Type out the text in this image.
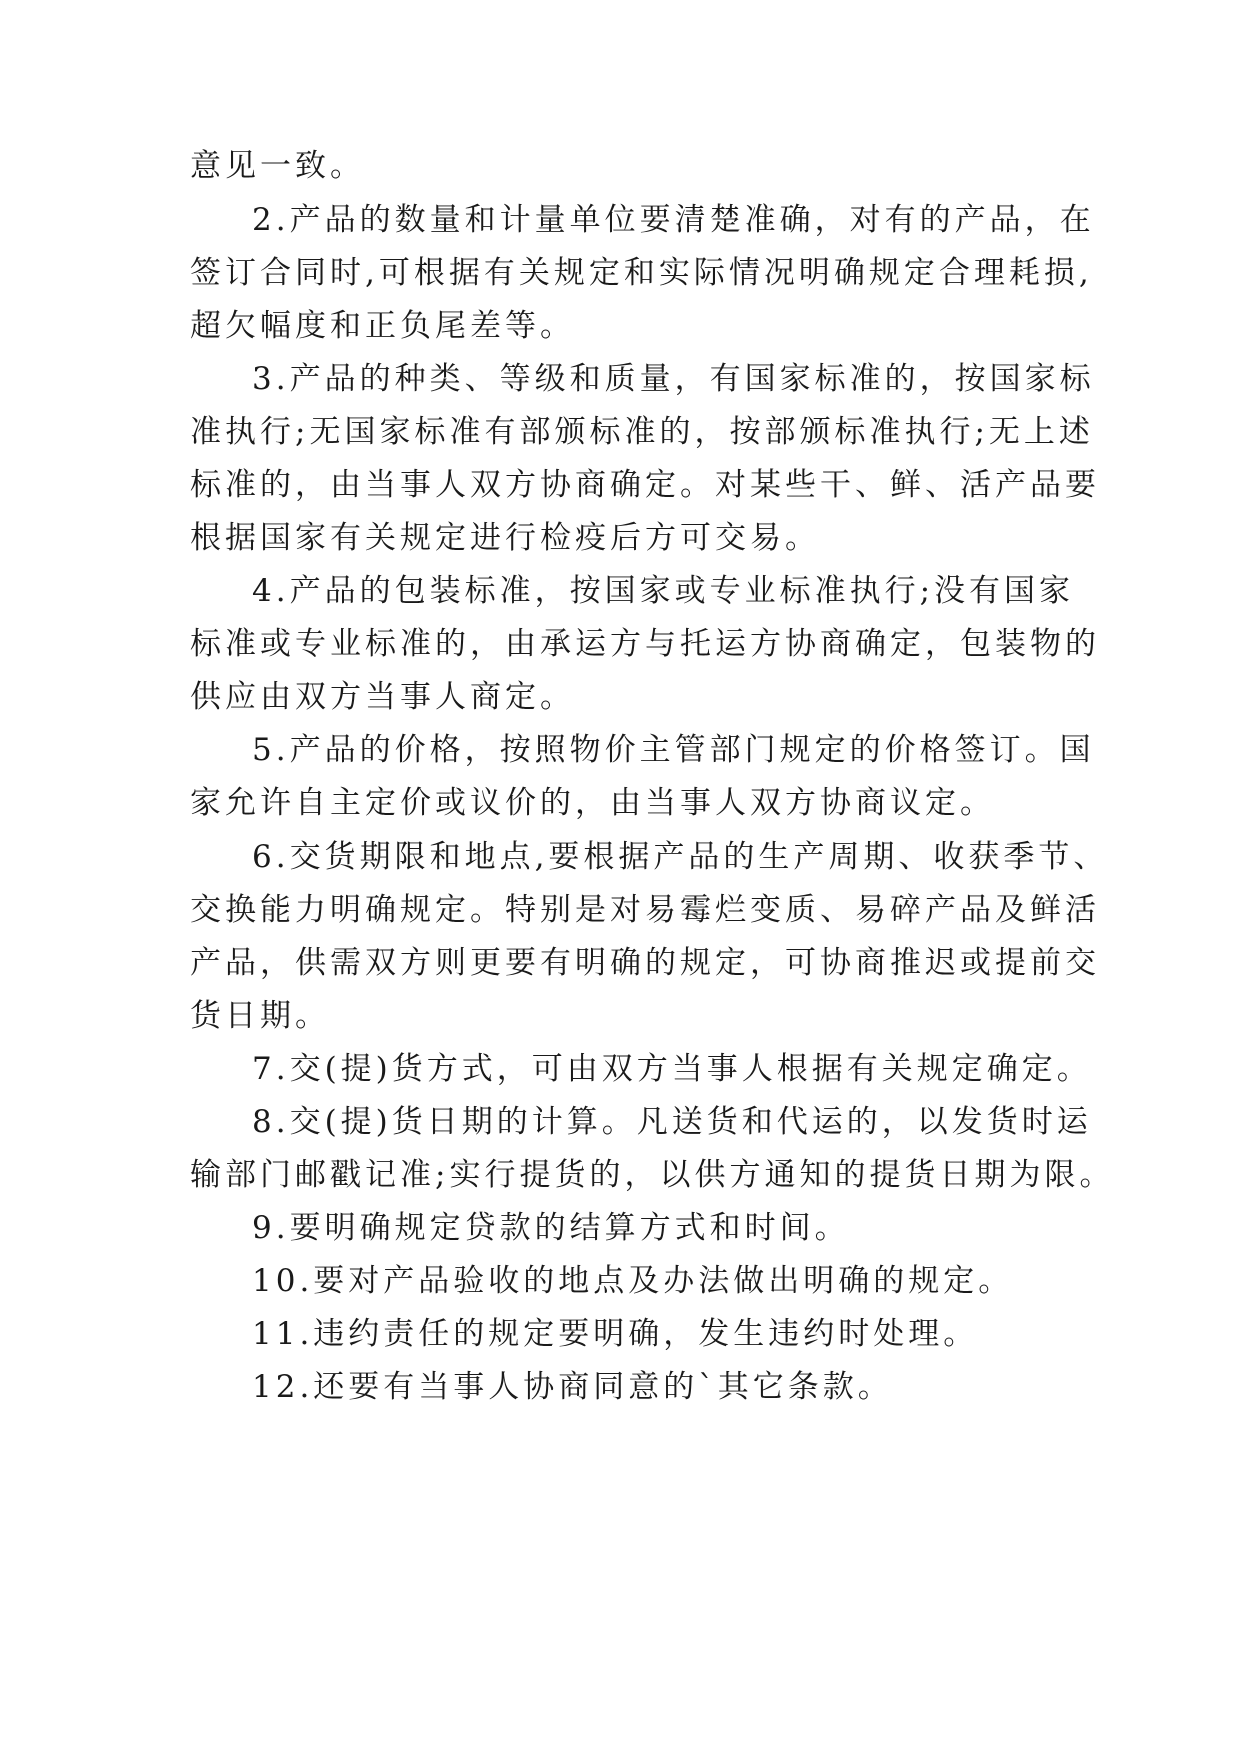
意见一致。
2.产品的数量和计量单位要清楚准确，对有的产品，在
签订合同时,可根据有关规定和实际情况明确规定合理耗损,
超欠幅度和正负尾差等。
3.产品的种类、等级和质量，有国家标准的，按国家标
准执行;无国家标准有部颁标准的，按部颁标准执行;无上述
标准的，由当事人双方协商确定。对某些干、鲜、活产品要
根据国家有关规定进行检疫后方可交易。
4.产品的包装标准，按国家或专业标准执行;没有国家
标准或专业标准的，由承运方与托运方协商确定，包装物的
供应由双方当事人商定。
5.产品的价格，按照物价主管部门规定的价格签订。国
家允许自主定价或议价的，由当事人双方协商议定。
6.交货期限和地点,要根据产品的生产周期、收获季节、
交换能力明确规定。特别是对易霉烂变质、易碎产品及鲜活
产品，供需双方则更要有明确的规定，可协商推迟或提前交
货日期。
7.交(提)货方式，可由双方当事人根据有关规定确定。
8.交(提)货日期的计算。凡送货和代运的，以发货时运
输部门邮戳记准;实行提货的，以供方通知的提货日期为限。
9.要明确规定贷款的结算方式和时间。
10.要对产品验收的地点及办法做出明确的规定。
11.违约责任的规定要明确，发生违约时处理。
12.还要有当事人协商同意的`其它条款。
